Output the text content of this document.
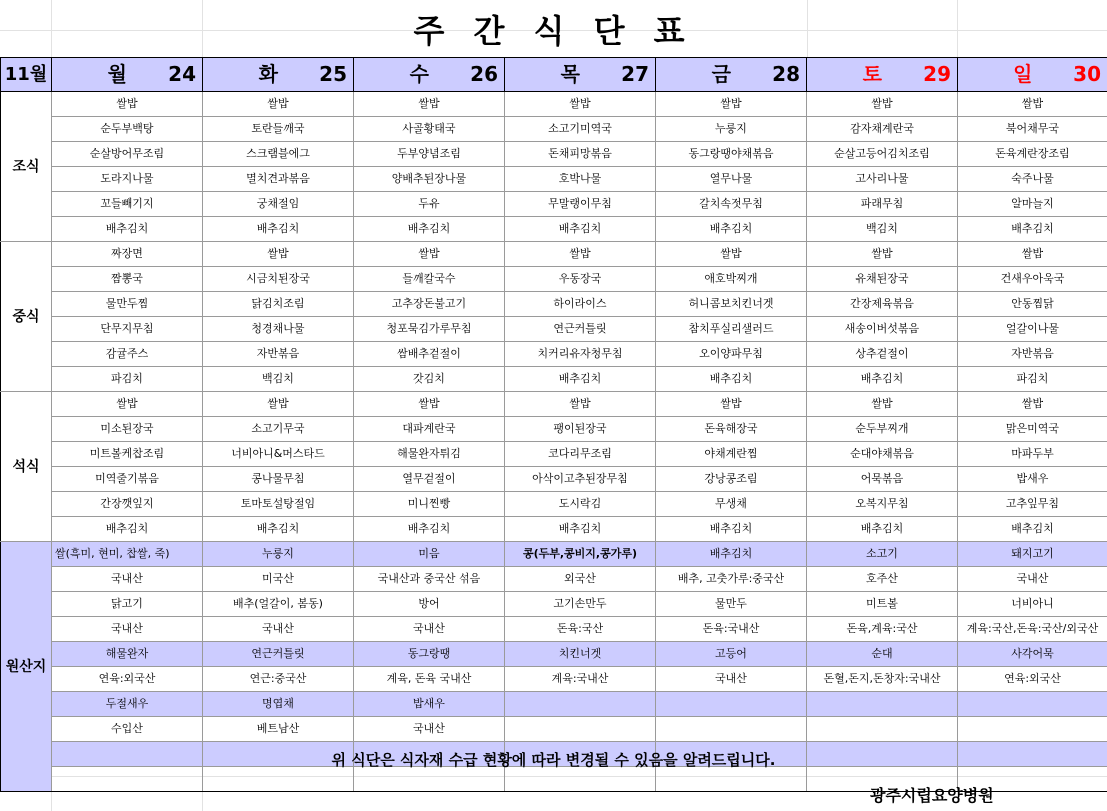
주 간 식 단 표
11월	월 24	화 25	수 26	목 27	금 28	토 29	일 30

조식	쌀밥	쌀밥	쌀밥	쌀밥	쌀밥	쌀밥	쌀밥
	순두부백탕	토란들깨국	사골황태국	소고기미역국	누룽지	감자채계란국	북어채무국
	순살방어무조림	스크램블에그	두부양념조림	돈채피망볶음	동그랑땡야채볶음	순살고등어김치조림	돈육계란장조림
	도라지나물	멸치견과볶음	양배추된장나물	호박나물	열무나물	고사리나물	숙주나물
	꼬들빼기지	궁채절임	두유	무말랭이무침	갈치속젓무침	파래무침	알마늘지
	배추김치	배추김치	배추김치	배추김치	배추김치	백김치	배추김치
중식	짜장면	쌀밥	쌀밥	쌀밥	쌀밥	쌀밥	쌀밥
	짬뽕국	시금치된장국	들깨칼국수	우동장국	애호박찌개	유채된장국	건새우아욱국
	물만두찜	닭김치조림	고추장돈불고기	하이라이스	허니콤보치킨너겟	간장제육볶음	안동찜닭
	단무지무침	청경채나물	청포묵김가루무침	연근커틀릿	참치푸실리샐러드	새송이버섯볶음	얼갈이나물
	감귤주스	자반볶음	쌈배추겉절이	치커리유자청무침	오이양파무침	상추겉절이	자반볶음
	파김치	백김치	갓김치	배추김치	배추김치	배추김치	파김치
석식	쌀밥	쌀밥	쌀밥	쌀밥	쌀밥	쌀밥	쌀밥
	미소된장국	소고기무국	대파계란국	팽이된장국	돈육해장국	순두부찌개	맑은미역국
	미트볼케찹조림	너비아니&머스타드	해물완자튀김	코다리무조림	야채계란찜	순대야채볶음	마파두부
	미역줄기볶음	콩나물무침	열무겉절이	아삭이고추된장무침	강낭콩조림	어묵볶음	밥새우
	간장깻잎지	토마토설탕절임	미니찐빵	도시락김	무생채	오복지무침	고추잎무침
	배추김치	배추김치	배추김치	배추김치	배추김치	배추김치	배추김치
원산지	쌀(흑미, 현미, 찹쌀, 죽)	누룽지	미음	콩(두부,콩비지,콩가루)	배추김치	소고기	돼지고기
	국내산	미국산	국내산과 중국산 섞음	외국산	배추, 고춧가루:중국산	호주산	국내산
	닭고기	배추(얼갈이, 봄동)	방어	고기손만두	물만두	미트볼	너비아니
	국내산	국내산	국내산	돈육:국산	돈육:국내산	돈육,계육:국산	계육:국산,돈육:국산/외국산
	해물완자	연근커틀릿	동그랑땡	치킨너겟	고등어	순대	사각어묵
	연육:외국산	연근:중국산	계육, 돈육 국내산	계육:국내산	국내산	돈혈,돈지,돈창자:국내산	연육:외국산
	두절새우	명엽채	밥새우				
	수입산	베트남산	국내산				

위 식단은 식자재 수급 현황에 따라 변경될 수 있음을 알려드립니다.
광주시립요양병원
